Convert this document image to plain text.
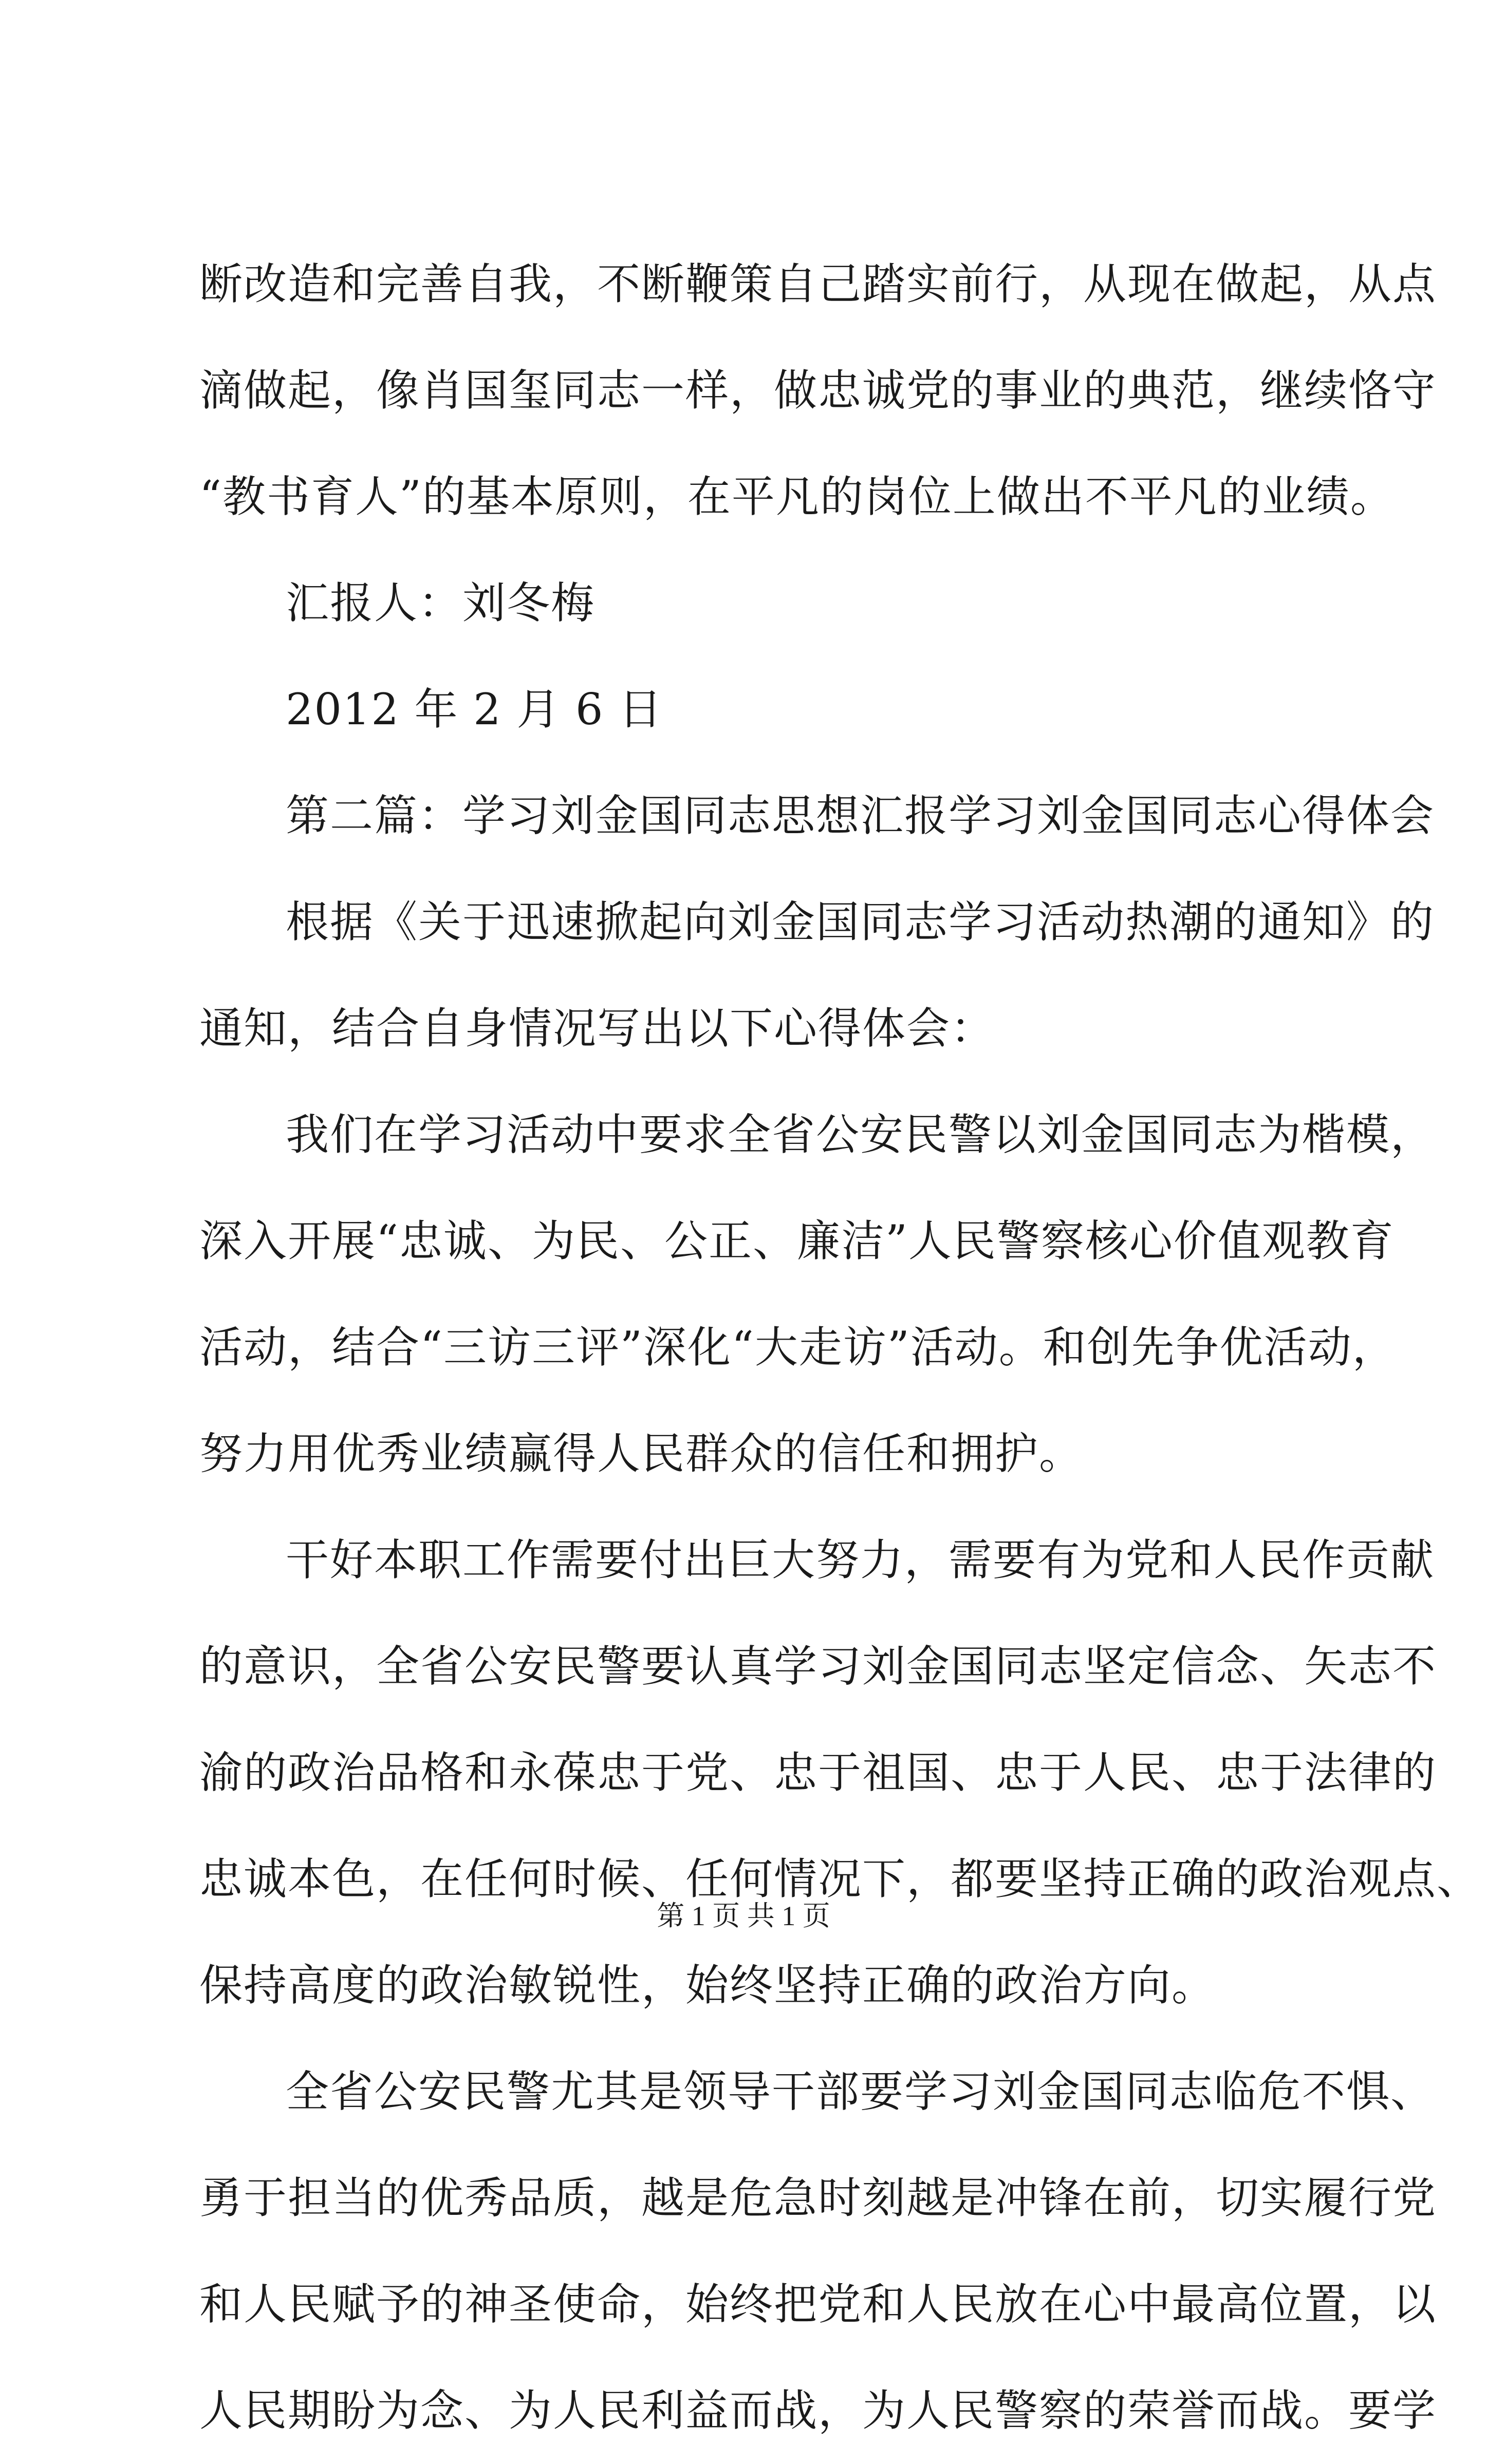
断改造和完善自我，不断鞭策自己踏实前行，从现在做起，从点
滴做起，像肖国玺同志一样，做忠诚党的事业的典范，继续恪守
“教书育人”的基本原则，在平凡的岗位上做出不平凡的业绩。
汇报人：刘冬梅
2012 年 2 月 6 日
第二篇：学习刘金国同志思想汇报学习刘金国同志心得体会
根据《关于迅速掀起向刘金国同志学习活动热潮的通知》的
通知，结合自身情况写出以下心得体会：
我们在学习活动中要求全省公安民警以刘金国同志为楷模，
深入开展“忠诚、为民、公正、廉洁”人民警察核心价值观教育
活动，结合“三访三评”深化“大走访”活动。和创先争优活动，
努力用优秀业绩赢得人民群众的信任和拥护。
干好本职工作需要付出巨大努力，需要有为党和人民作贡献
的意识，全省公安民警要认真学习刘金国同志坚定信念、矢志不
渝的政治品格和永葆忠于党、忠于祖国、忠于人民、忠于法律的
忠诚本色，在任何时候、任何情况下，都要坚持正确的政治观点、
保持高度的政治敏锐性，始终坚持正确的政治方向。
全省公安民警尤其是领导干部要学习刘金国同志临危不惧、
勇于担当的优秀品质，越是危急时刻越是冲锋在前，切实履行党
和人民赋予的神圣使命，始终把党和人民放在心中最高位置，以
人民期盼为念、为人民利益而战，为人民警察的荣誉而战。要学
第 1 页 共 1 页
